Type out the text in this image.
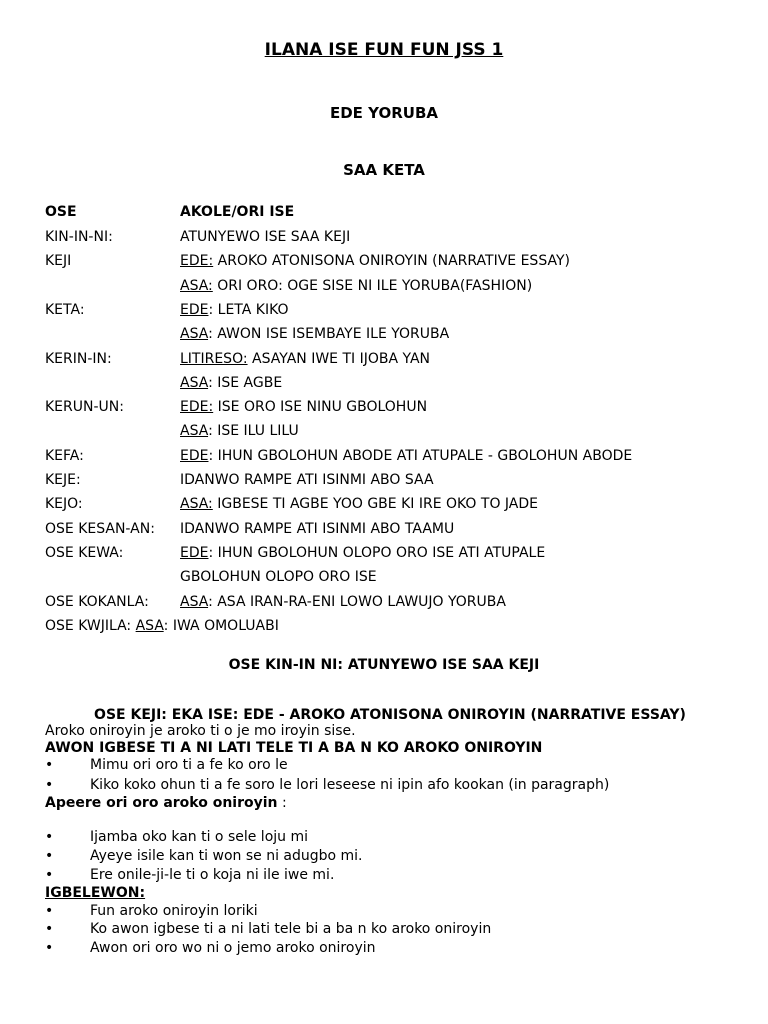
ILANA ISE FUN FUN JSS 1
EDE YORUBA
SAA KETA
OSE	AKOLE/ORI ISE
KIN-IN-NI:	ATUNYEWO ISE SAA KEJI
KEJI	EDE: AROKO ATONISONA ONIROYIN (NARRATIVE ESSAY)
ASA: ORI ORO: OGE SISE NI ILE YORUBA(FASHION)
KETA:	EDE: LETA KIKO
ASA: AWON ISE ISEMBAYE ILE YORUBA
KERIN-IN:	LITIRESO: ASAYAN IWE TI IJOBA YAN
ASA: ISE AGBE
KERUN-UN:	EDE: ISE ORO ISE NINU GBOLOHUN
ASA: ISE ILU LILU
KEFA:	EDE: IHUN GBOLOHUN ABODE ATI ATUPALE - GBOLOHUN ABODE
KEJE:	IDANWO RAMPE ATI ISINMI ABO SAA
KEJO:	ASA: IGBESE TI AGBE YOO GBE KI IRE OKO TO JADE
OSE KESAN-AN: IDANWO RAMPE ATI ISINMI ABO TAAMU
OSE KEWA:	EDE: IHUN GBOLOHUN OLOPO ORO ISE ATI ATUPALE
GBOLOHUN OLOPO ORO ISE
OSE KOKANLA: ASA: ASA IRAN-RA-ENI LOWO LAWUJO YORUBA
OSE KWJILA: ASA: IWA OMOLUABI
OSE KIN-IN NI: ATUNYEWO ISE SAA KEJI
OSE KEJI: EKA ISE: EDE - AROKO ATONISONA ONIROYIN (NARRATIVE ESSAY)
Aroko oniroyin je aroko ti o je mo iroyin sise.
AWON IGBESE TI A NI LATI TELE TI A BA N KO AROKO ONIROYIN
•	Mimu ori oro ti a fe ko oro le
•	Kiko koko ohun ti a fe soro le lori leseese ni ipin afo kookan (in paragraph)
Apeere ori oro aroko oniroyin :
•	Ijamba oko kan ti o sele loju mi
•	Ayeye isile kan ti won se ni adugbo mi.
•	Ere onile-ji-le ti o koja ni ile iwe mi.
IGBELEWON:
•	Fun aroko oniroyin loriki
•	Ko awon igbese ti a ni lati tele bi a ba n ko aroko oniroyin
•	Awon ori oro wo ni o jemo aroko oniroyin
